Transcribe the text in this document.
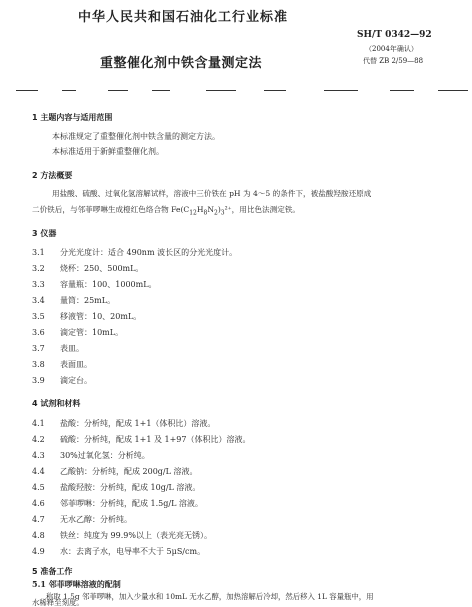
中华人民共和国石油化工行业标准
SH/T 0342—92
（2004年确认）
代替 ZB 2/59—88
重整催化剂中铁含量测定法
1 主题内容与适用范围
本标准规定了重整催化剂中铁含量的测定方法。
本标准适用于新鲜重整催化剂。
2 方法概要
用盐酸、硫酸、过氧化氢溶解试样，溶液中三价铁在 pH 为 4～5 的条件下，被盐酸羟胺还原成
二价铁后，与邻菲啰啉生成橙红色络合物 $Fe(C_{12}H_8N_2)_3^{2+}$，用比色法测定铁。
3 仪器
3.1 分光光度计：适合 490nm 波长区的分光光度计。
3.2 烧杯：250、500mL。
3.3 容量瓶：100、1000mL。
3.4 量筒：25mL。
3.5 移液管：10、20mL。
3.6 滴定管：10mL。
3.7 表皿。
3.8 表面皿。
3.9 滴定台。
4 试剂和材料
4.1 盐酸：分析纯，配成 1+1（体积比）溶液。
4.2 硫酸：分析纯，配成 1+1 及 1+97（体积比）溶液。
4.3 30%过氧化氢：分析纯。
4.4 乙酸钠：分析纯，配成 200g/L 溶液。
4.5 盐酸羟胺：分析纯，配成 10g/L 溶液。
4.6 邻菲啰啉：分析纯，配成 1.5g/L 溶液。
4.7 无水乙醇：分析纯。
4.8 铁丝：纯度为 99.9%以上（表光亮无锈）。
4.9 水：去离子水，电导率不大于 5μS/cm。
5 准备工作
5.1 邻菲啰啉溶液的配制
称取 1.5g 邻菲啰啉，加入少量水和 10mL 无水乙醇，加热溶解后冷却，然后移入 1L 容量瓶中，用
水稀释至刻度。
